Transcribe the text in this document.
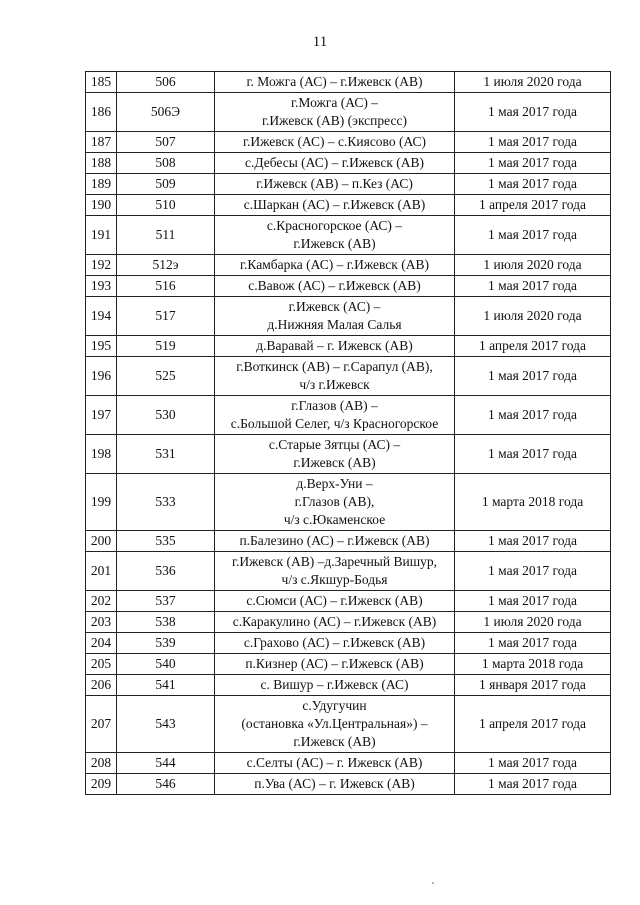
11
185	506	г. Можга (АС) – г.Ижевск (АВ)	1 июля 2020 года
186	506Э	г.Можга (АС) –
г.Ижевск (АВ) (экспресс)	1 мая 2017 года
187	507	г.Ижевск (АС) – с.Киясово (АС)	1 мая 2017 года
188	508	с.Дебесы (АС) – г.Ижевск (АВ)	1 мая 2017 года
189	509	г.Ижевск (АВ) – п.Кез (АС)	1 мая 2017 года
190	510	с.Шаркан (АС) – г.Ижевск (АВ)	1 апреля 2017 года
191	511	с.Красногорское (АС) –
г.Ижевск (АВ)	1 мая 2017 года
192	512э	г.Камбарка (АС) – г.Ижевск (АВ)	1 июля 2020 года
193	516	с.Вавож (АС) – г.Ижевск (АВ)	1 мая 2017 года
194	517	г.Ижевск (АС) –
д.Нижняя Малая Салья	1 июля 2020 года
195	519	д.Варавай – г. Ижевск (АВ)	1 апреля 2017 года
196	525	г.Воткинск (АВ) – г.Сарапул (АВ),
ч/з г.Ижевск	1 мая 2017 года
197	530	г.Глазов (АВ) –
с.Большой Селег, ч/з Красногорское	1 мая 2017 года
198	531	с.Старые Зятцы (АС) –
г.Ижевск (АВ)	1 мая 2017 года
199	533	д.Верх-Уни –
г.Глазов (АВ),
ч/з с.Юкаменское	1 марта 2018 года
200	535	п.Балезино (АС) – г.Ижевск (АВ)	1 мая 2017 года
201	536	г.Ижевск (АВ) –д.Заречный Вишур,
ч/з с.Якшур-Бодья	1 мая 2017 года
202	537	с.Сюмси (АС) – г.Ижевск (АВ)	1 мая 2017 года
203	538	с.Каракулино (АС) – г.Ижевск (АВ)	1 июля 2020 года
204	539	с.Грахово (АС) – г.Ижевск (АВ)	1 мая 2017 года
205	540	п.Кизнер (АС) – г.Ижевск (АВ)	1 марта 2018 года
206	541	с. Вишур – г.Ижевск (АС)	1 января 2017 года
207	543	с.Удугучин
(остановка «Ул.Центральная») –
г.Ижевск (АВ)	1 апреля 2017 года
208	544	с.Селты (АС) – г. Ижевск (АВ)	1 мая 2017 года
209	546	п.Ува (АС) – г. Ижевск (АВ)	1 мая 2017 года
